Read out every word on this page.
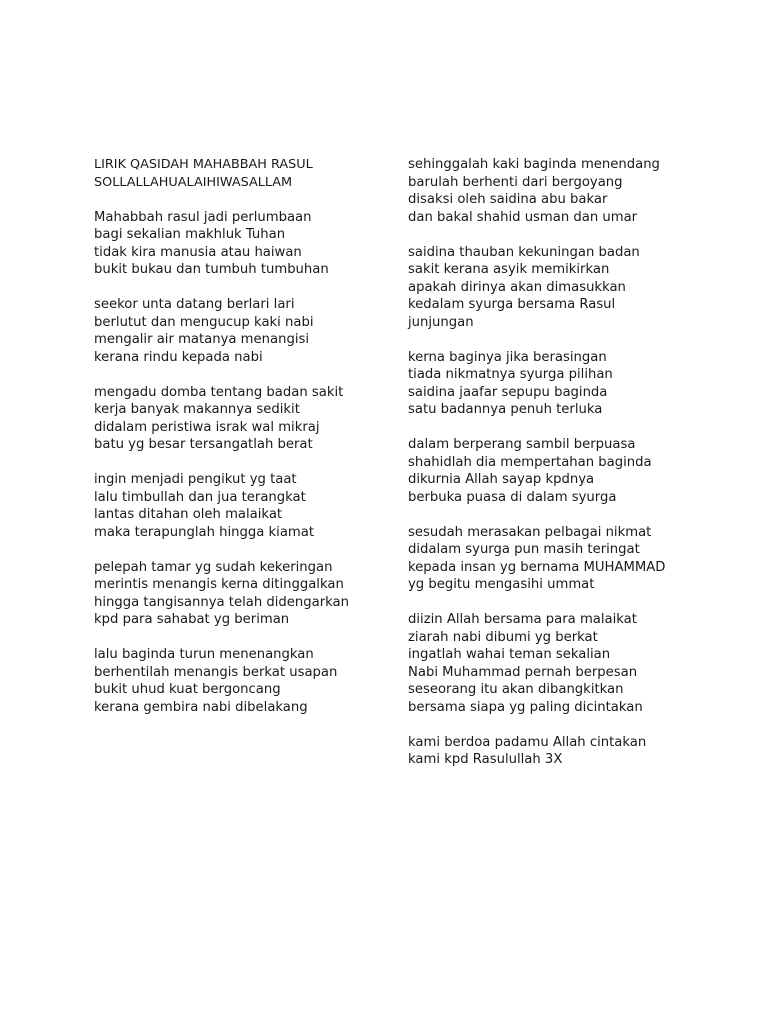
LIRIK QASIDAH MAHABBAH RASUL
SOLLALLAHUALAIHIWASALLAM
Mahabbah rasul jadi perlumbaan
bagi sekalian makhluk Tuhan
tidak kira manusia atau haiwan
bukit bukau dan tumbuh tumbuhan
seekor unta datang berlari lari
berlutut dan mengucup kaki nabi
mengalir air matanya menangisi
kerana rindu kepada nabi
mengadu domba tentang badan sakit
kerja banyak makannya sedikit
didalam peristiwa israk wal mikraj
batu yg besar tersangatlah berat
ingin menjadi pengikut yg taat
lalu timbullah dan jua terangkat
lantas ditahan oleh malaikat
maka terapunglah hingga kiamat
pelepah tamar yg sudah kekeringan
merintis menangis kerna ditinggalkan
hingga tangisannya telah didengarkan
kpd para sahabat yg beriman
lalu baginda turun menenangkan
berhentilah menangis berkat usapan
bukit uhud kuat bergoncang
kerana gembira nabi dibelakang
sehinggalah kaki baginda menendang
barulah berhenti dari bergoyang
disaksi oleh saidina abu bakar
dan bakal shahid usman dan umar
saidina thauban kekuningan badan
sakit kerana asyik memikirkan
apakah dirinya akan dimasukkan
kedalam syurga bersama Rasul
junjungan
kerna baginya jika berasingan
tiada nikmatnya syurga pilihan
saidina jaafar sepupu baginda
satu badannya penuh terluka
dalam berperang sambil berpuasa
shahidlah dia mempertahan baginda
dikurnia Allah sayap kpdnya
berbuka puasa di dalam syurga
sesudah merasakan pelbagai nikmat
didalam syurga pun masih teringat
kepada insan yg bernama MUHAMMAD
yg begitu mengasihi ummat
diizin Allah bersama para malaikat
ziarah nabi dibumi yg berkat
ingatlah wahai teman sekalian
Nabi Muhammad pernah berpesan
seseorang itu akan dibangkitkan
bersama siapa yg paling dicintakan
kami berdoa padamu Allah cintakan
kami kpd Rasulullah 3X
